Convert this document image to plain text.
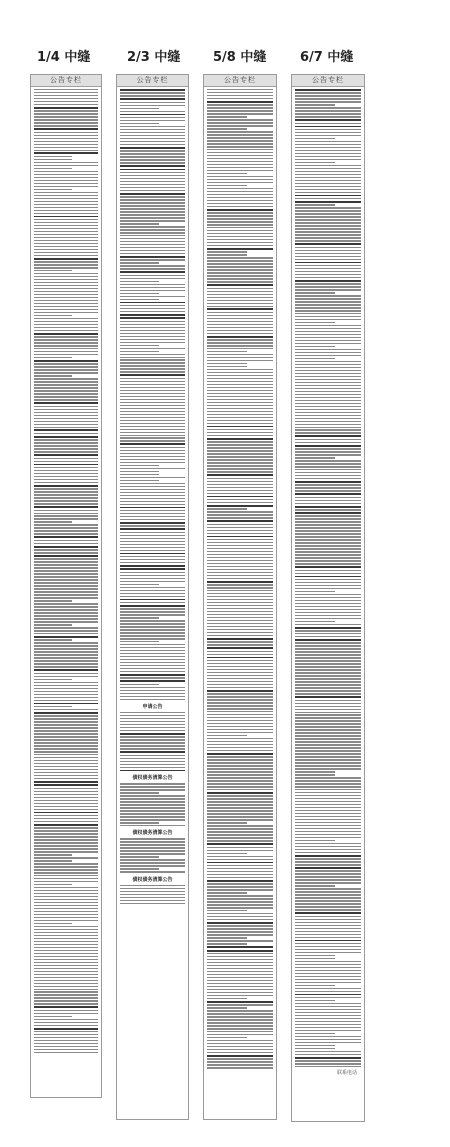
1/4 中缝	2/3 中缝	5/8 中缝	6/7 中缝
公告专栏	公告专栏
申请公告
债权债务清算公告
债权债务清算公告
债权债务清算公告
公告专栏	公告专栏
联系电话
